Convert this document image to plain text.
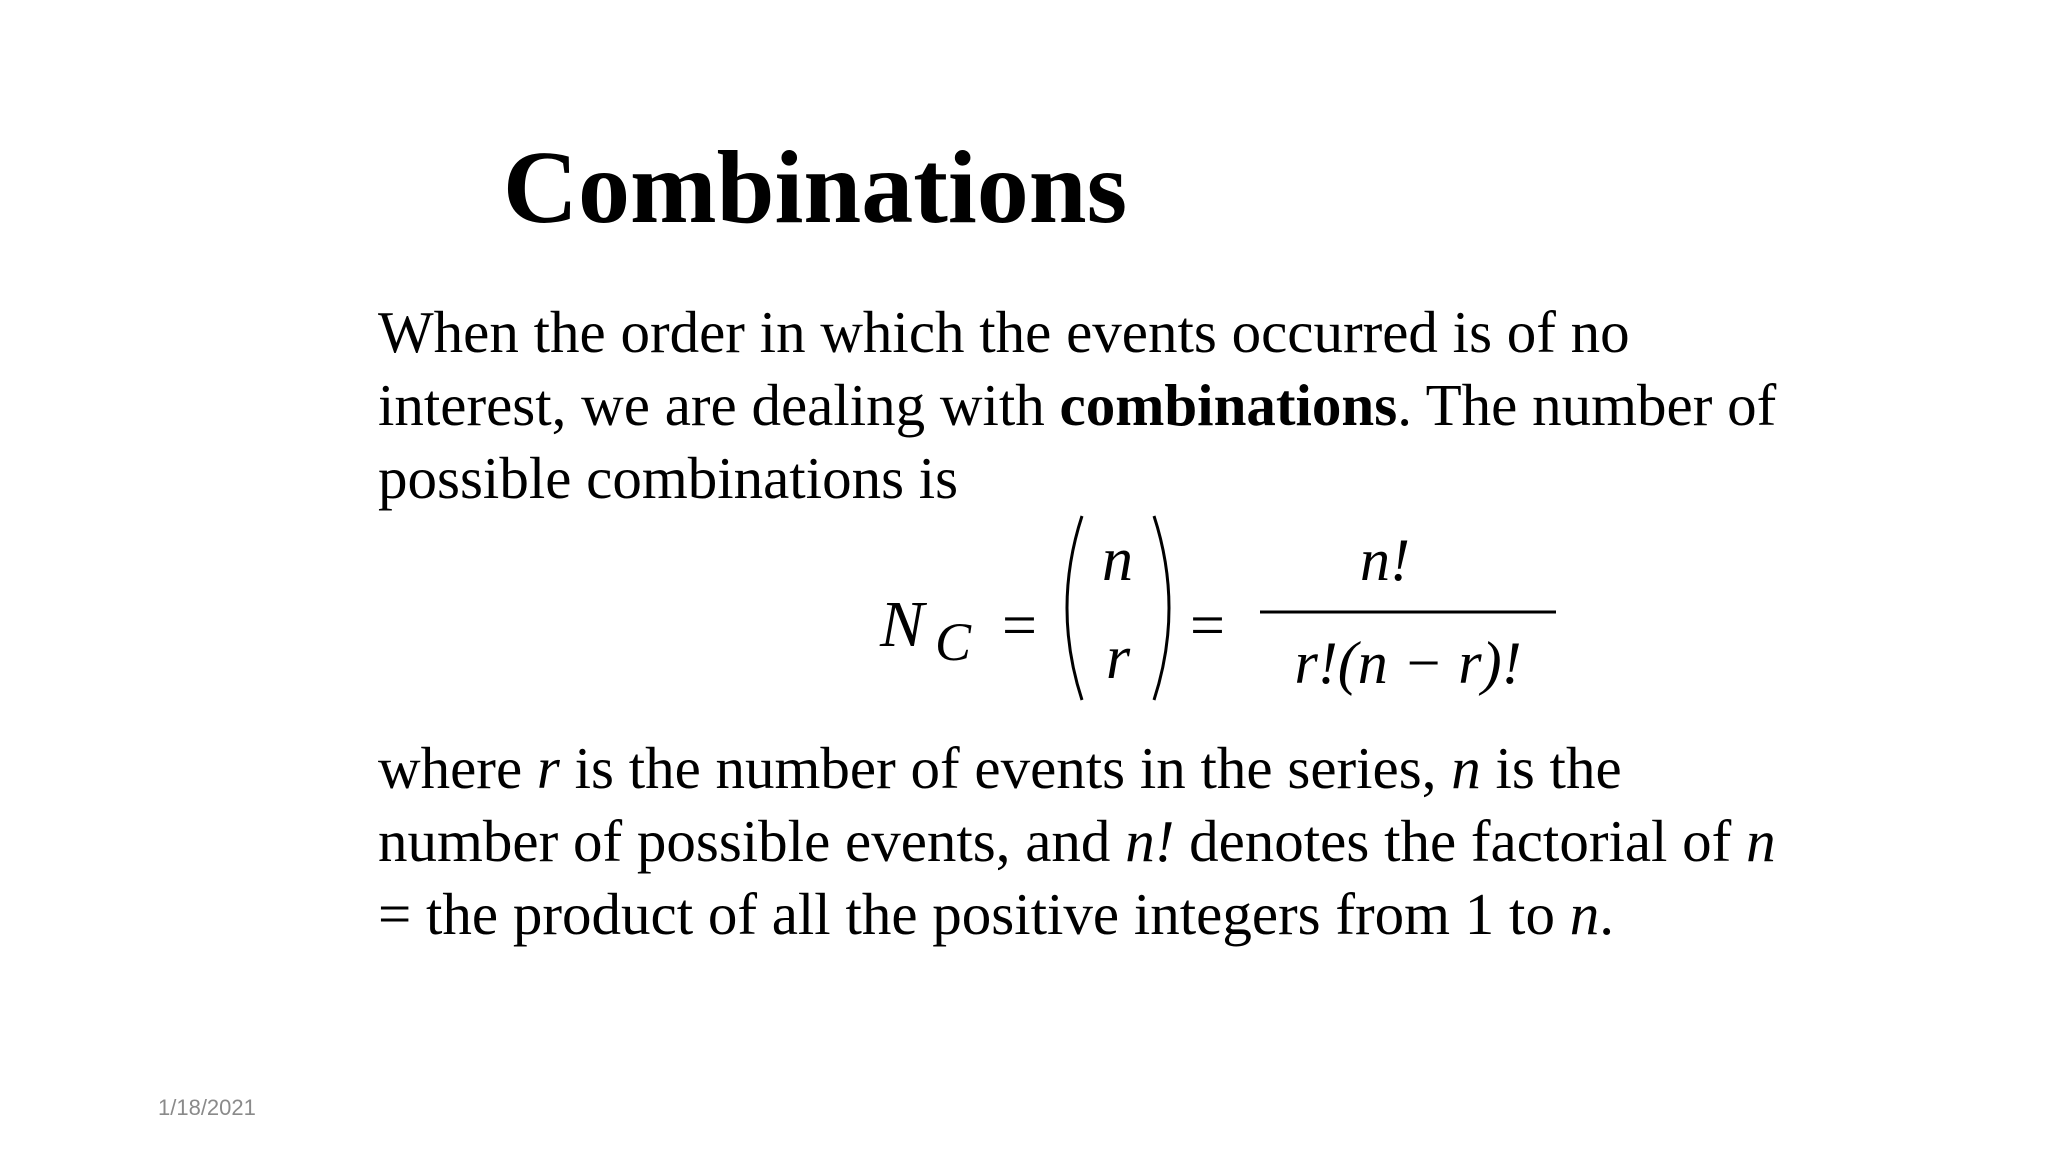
Combinations
When the order in which the events occurred is of no interest, we are dealing with combinations. The number of possible combinations is
N C =
n
r =
n!
r!(n − r)!
where r is the number of events in the series, n is the number of possible events, and n! denotes the factorial of n = the product of all the positive integers from 1 to n.
1/18/2021
